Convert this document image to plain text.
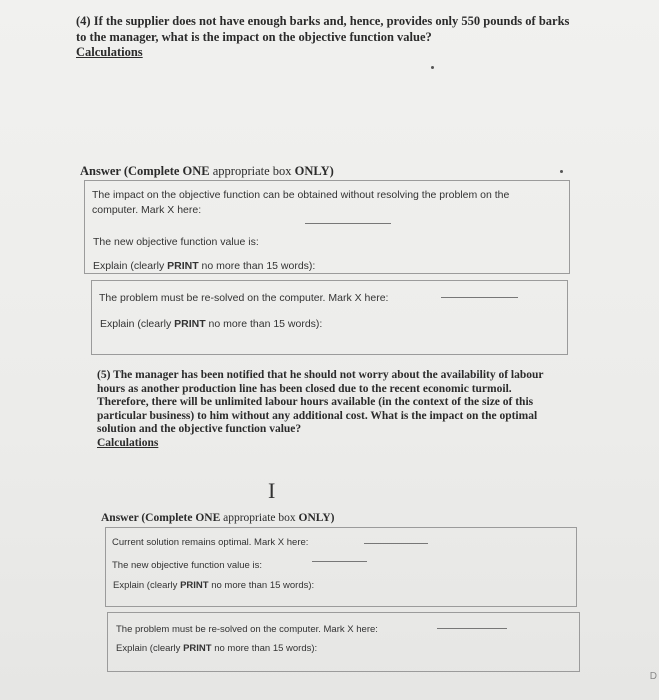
(4) If the supplier does not have enough barks and, hence, provides only 550 pounds of barks to the manager, what is the impact on the objective function value?
Calculations
Answer (Complete ONE appropriate box ONLY)
The impact on the objective function can be obtained without resolving the problem on the computer. Mark X here:
The new objective function value is:
Explain (clearly PRINT no more than 15 words):
The problem must be re-solved on the computer. Mark X here:
Explain (clearly PRINT no more than 15 words):
(5) The manager has been notified that he should not worry about the availability of labour hours as another production line has been closed due to the recent economic turmoil. Therefore, there will be unlimited labour hours available (in the context of the size of this particular business) to him without any additional cost. What is the impact on the optimal solution and the objective function value?
Calculations
I
Answer (Complete ONE appropriate box ONLY)
Current solution remains optimal. Mark X here:
The new objective function value is:
Explain (clearly PRINT no more than 15 words):
The problem must be re-solved on the computer. Mark X here:
Explain (clearly PRINT no more than 15 words):
D
